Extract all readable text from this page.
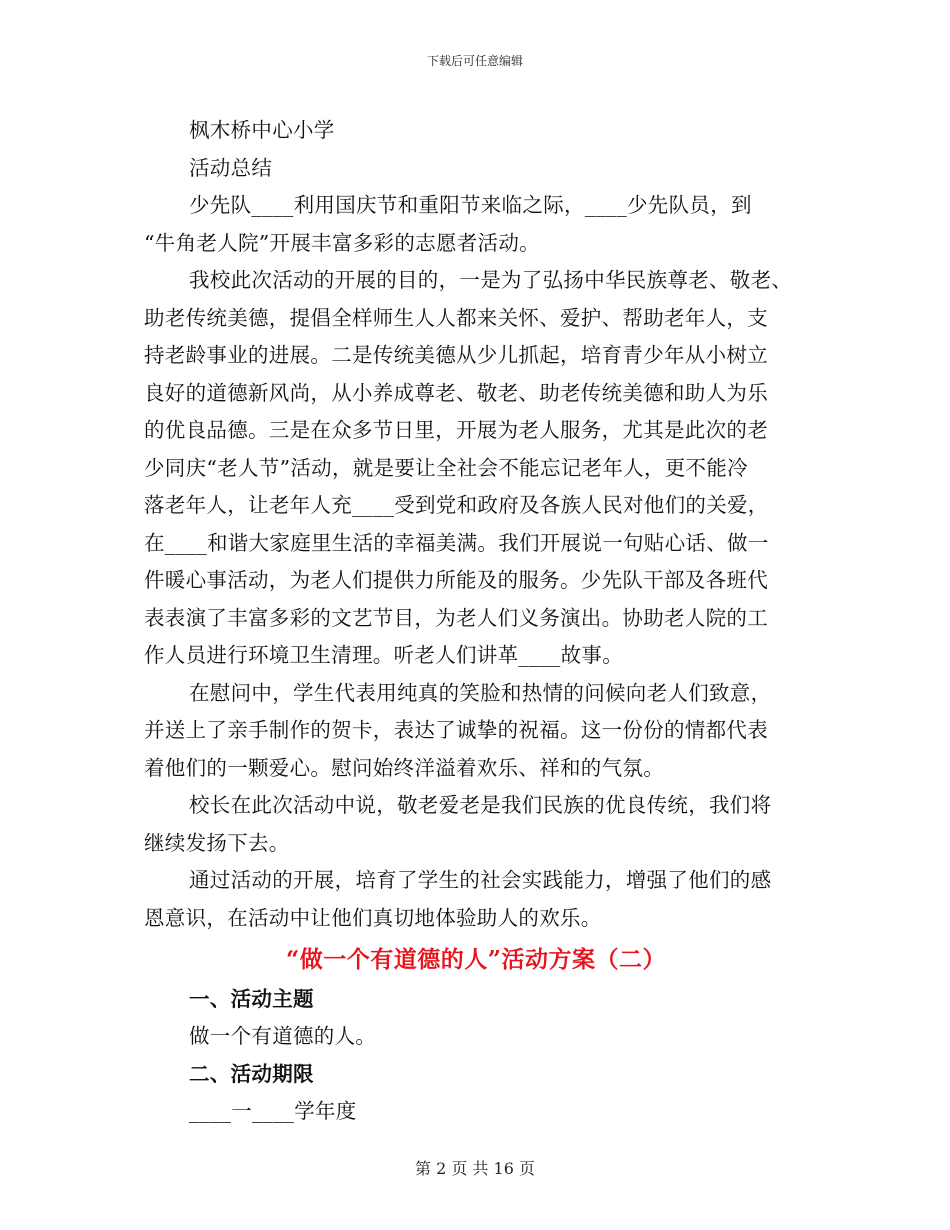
下载后可任意编辑

枫木桥中心小学

活动总结

少先队____利用国庆节和重阳节来临之际，____少先队员，到

“牛角老人院”开展丰富多彩的志愿者活动。

我校此次活动的开展的目的，一是为了弘扬中华民族尊老、敬老、

助老传统美德，提倡全样师生人人都来关怀、爱护、帮助老年人，支

持老龄事业的进展。二是传统美德从少儿抓起，培育青少年从小树立

良好的道德新风尚，从小养成尊老、敬老、助老传统美德和助人为乐

的优良品德。三是在众多节日里，开展为老人服务，尤其是此次的老

少同庆“老人节”活动，就是要让全社会不能忘记老年人，更不能冷

落老年人，让老年人充____受到党和政府及各族人民对他们的关爱，

在____和谐大家庭里生活的幸福美满。我们开展说一句贴心话、做一

件暖心事活动，为老人们提供力所能及的服务。少先队干部及各班代

表表演了丰富多彩的文艺节目，为老人们义务演出。协助老人院的工

作人员进行环境卫生清理。听老人们讲革____故事。

在慰问中，学生代表用纯真的笑脸和热情的问候向老人们致意，

并送上了亲手制作的贺卡，表达了诚挚的祝福。这一份份的情都代表

着他们的一颗爱心。慰问始终洋溢着欢乐、祥和的气氛。

校长在此次活动中说，敬老爱老是我们民族的优良传统，我们将

继续发扬下去。

通过活动的开展，培育了学生的社会实践能力，增强了他们的感

恩意识，在活动中让他们真切地体验助人的欢乐。

“做一个有道德的人”活动方案（二）

一、活动主题

做一个有道德的人。

二、活动期限

____一____学年度

第 2 页 共 16 页
